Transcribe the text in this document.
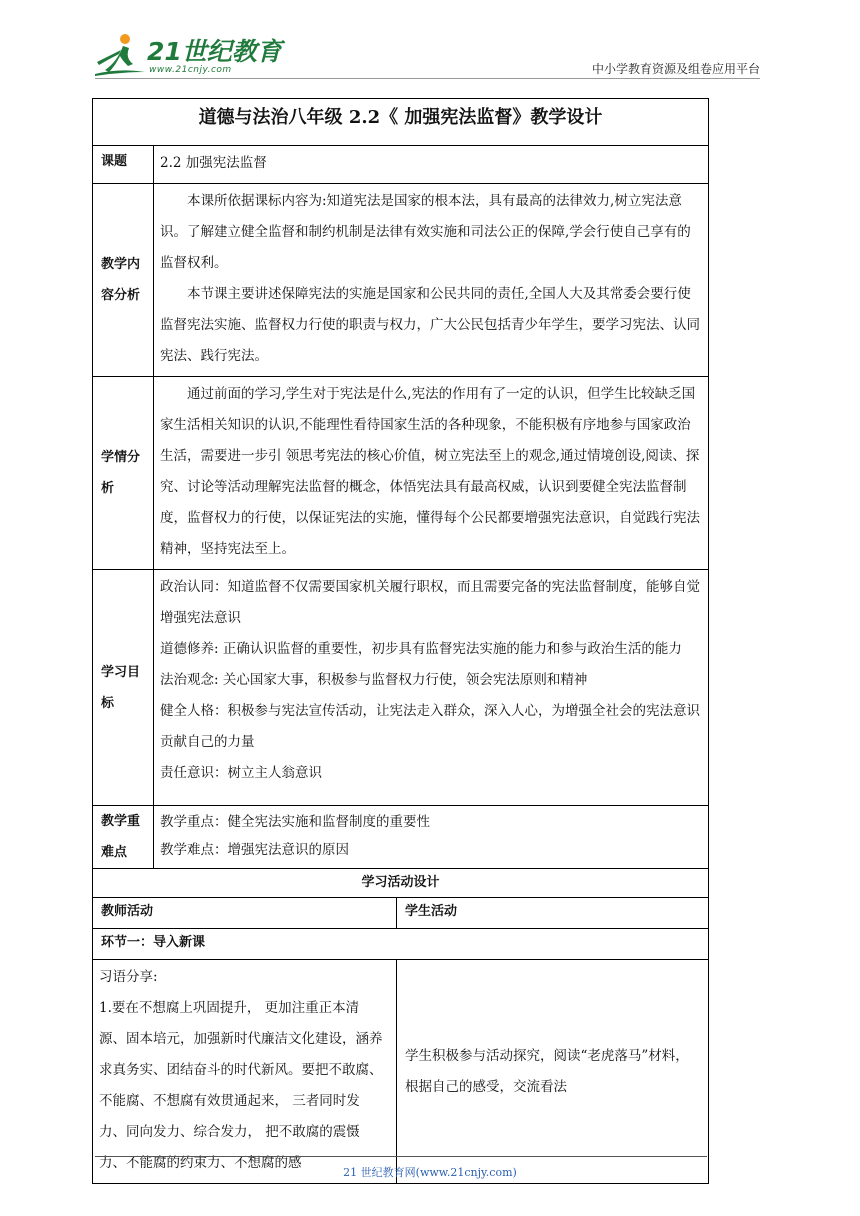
21世纪教育
www.21cnjy.com	中小学教育资源及组卷应用平台
道德与法治八年级 2.2《 加强宪法监督》教学设计		
课题	2.2 加强宪法监督	
教学内容分析	本课所依据课标内容为:知道宪法是国家的根本法，具有最高的法律效力,树立宪法意识。了解建立健全监督和制约机制是法律有效实施和司法公正的保障,学会行使自己享有的监督权利。
本节课主要讲述保障宪法的实施是国家和公民共同的责任,全国人大及其常委会要行使监督宪法实施、监督权力行使的职责与权力，广大公民包括青少年学生，要学习宪法、认同宪法、践行宪法。	

学情分析	通过前面的学习,学生对于宪法是什么,宪法的作用有了一定的认识，但学生比较缺乏国家生活相关知识的认识,不能理性看待国家生活的各种现象，不能积极有序地参与国家政治生活，需要进一步引 领思考宪法的核心价值，树立宪法至上的观念,通过情境创设,阅读、探究、讨论等活动理解宪法监督的概念，体悟宪法具有最高权威，认识到要健全宪法监督制度，监督权力的行使，以保证宪法的实施，懂得每个公民都要增强宪法意识，自觉践行宪法精神，坚持宪法至上。	

学习目标	政治认同：知道监督不仅需要国家机关履行职权，而且需要完备的宪法监督制度，能够自觉增强宪法意识
道德修养: 正确认识监督的重要性，初步具有监督宪法实施的能力和参与政治生活的能力
法治观念: 关心国家大事，积极参与监督权力行使，领会宪法原则和精神
健全人格：积极参与宪法宣传活动，让宪法走入群众，深入人心，为增强全社会的宪法意识贡献自己的力量
责任意识：树立主人翁意识	

教学重难点	教学重点：健全宪法实施和监督制度的重要性
教学难点：增强宪法意识的原因	

学习活动设计		
教师活动		学生活动
环节一：导入新课		

习语分享:
1.要在不想腐上巩固提升， 更加注重正本清源、固本培元，加强新时代廉洁文化建设，涵养求真务实、团结奋斗的时代新风。要把不敢腐、不能腐、不想腐有效贯通起来， 三者同时发力、同向发力、综合发力， 把不敢腐的震慑力、不能腐的约束力、不想腐的感		学生积极参与活动探究，阅读“老虎落马”材料，根据自己的感受，交流看法
21 世纪教育网(www.21cnjy.com)
